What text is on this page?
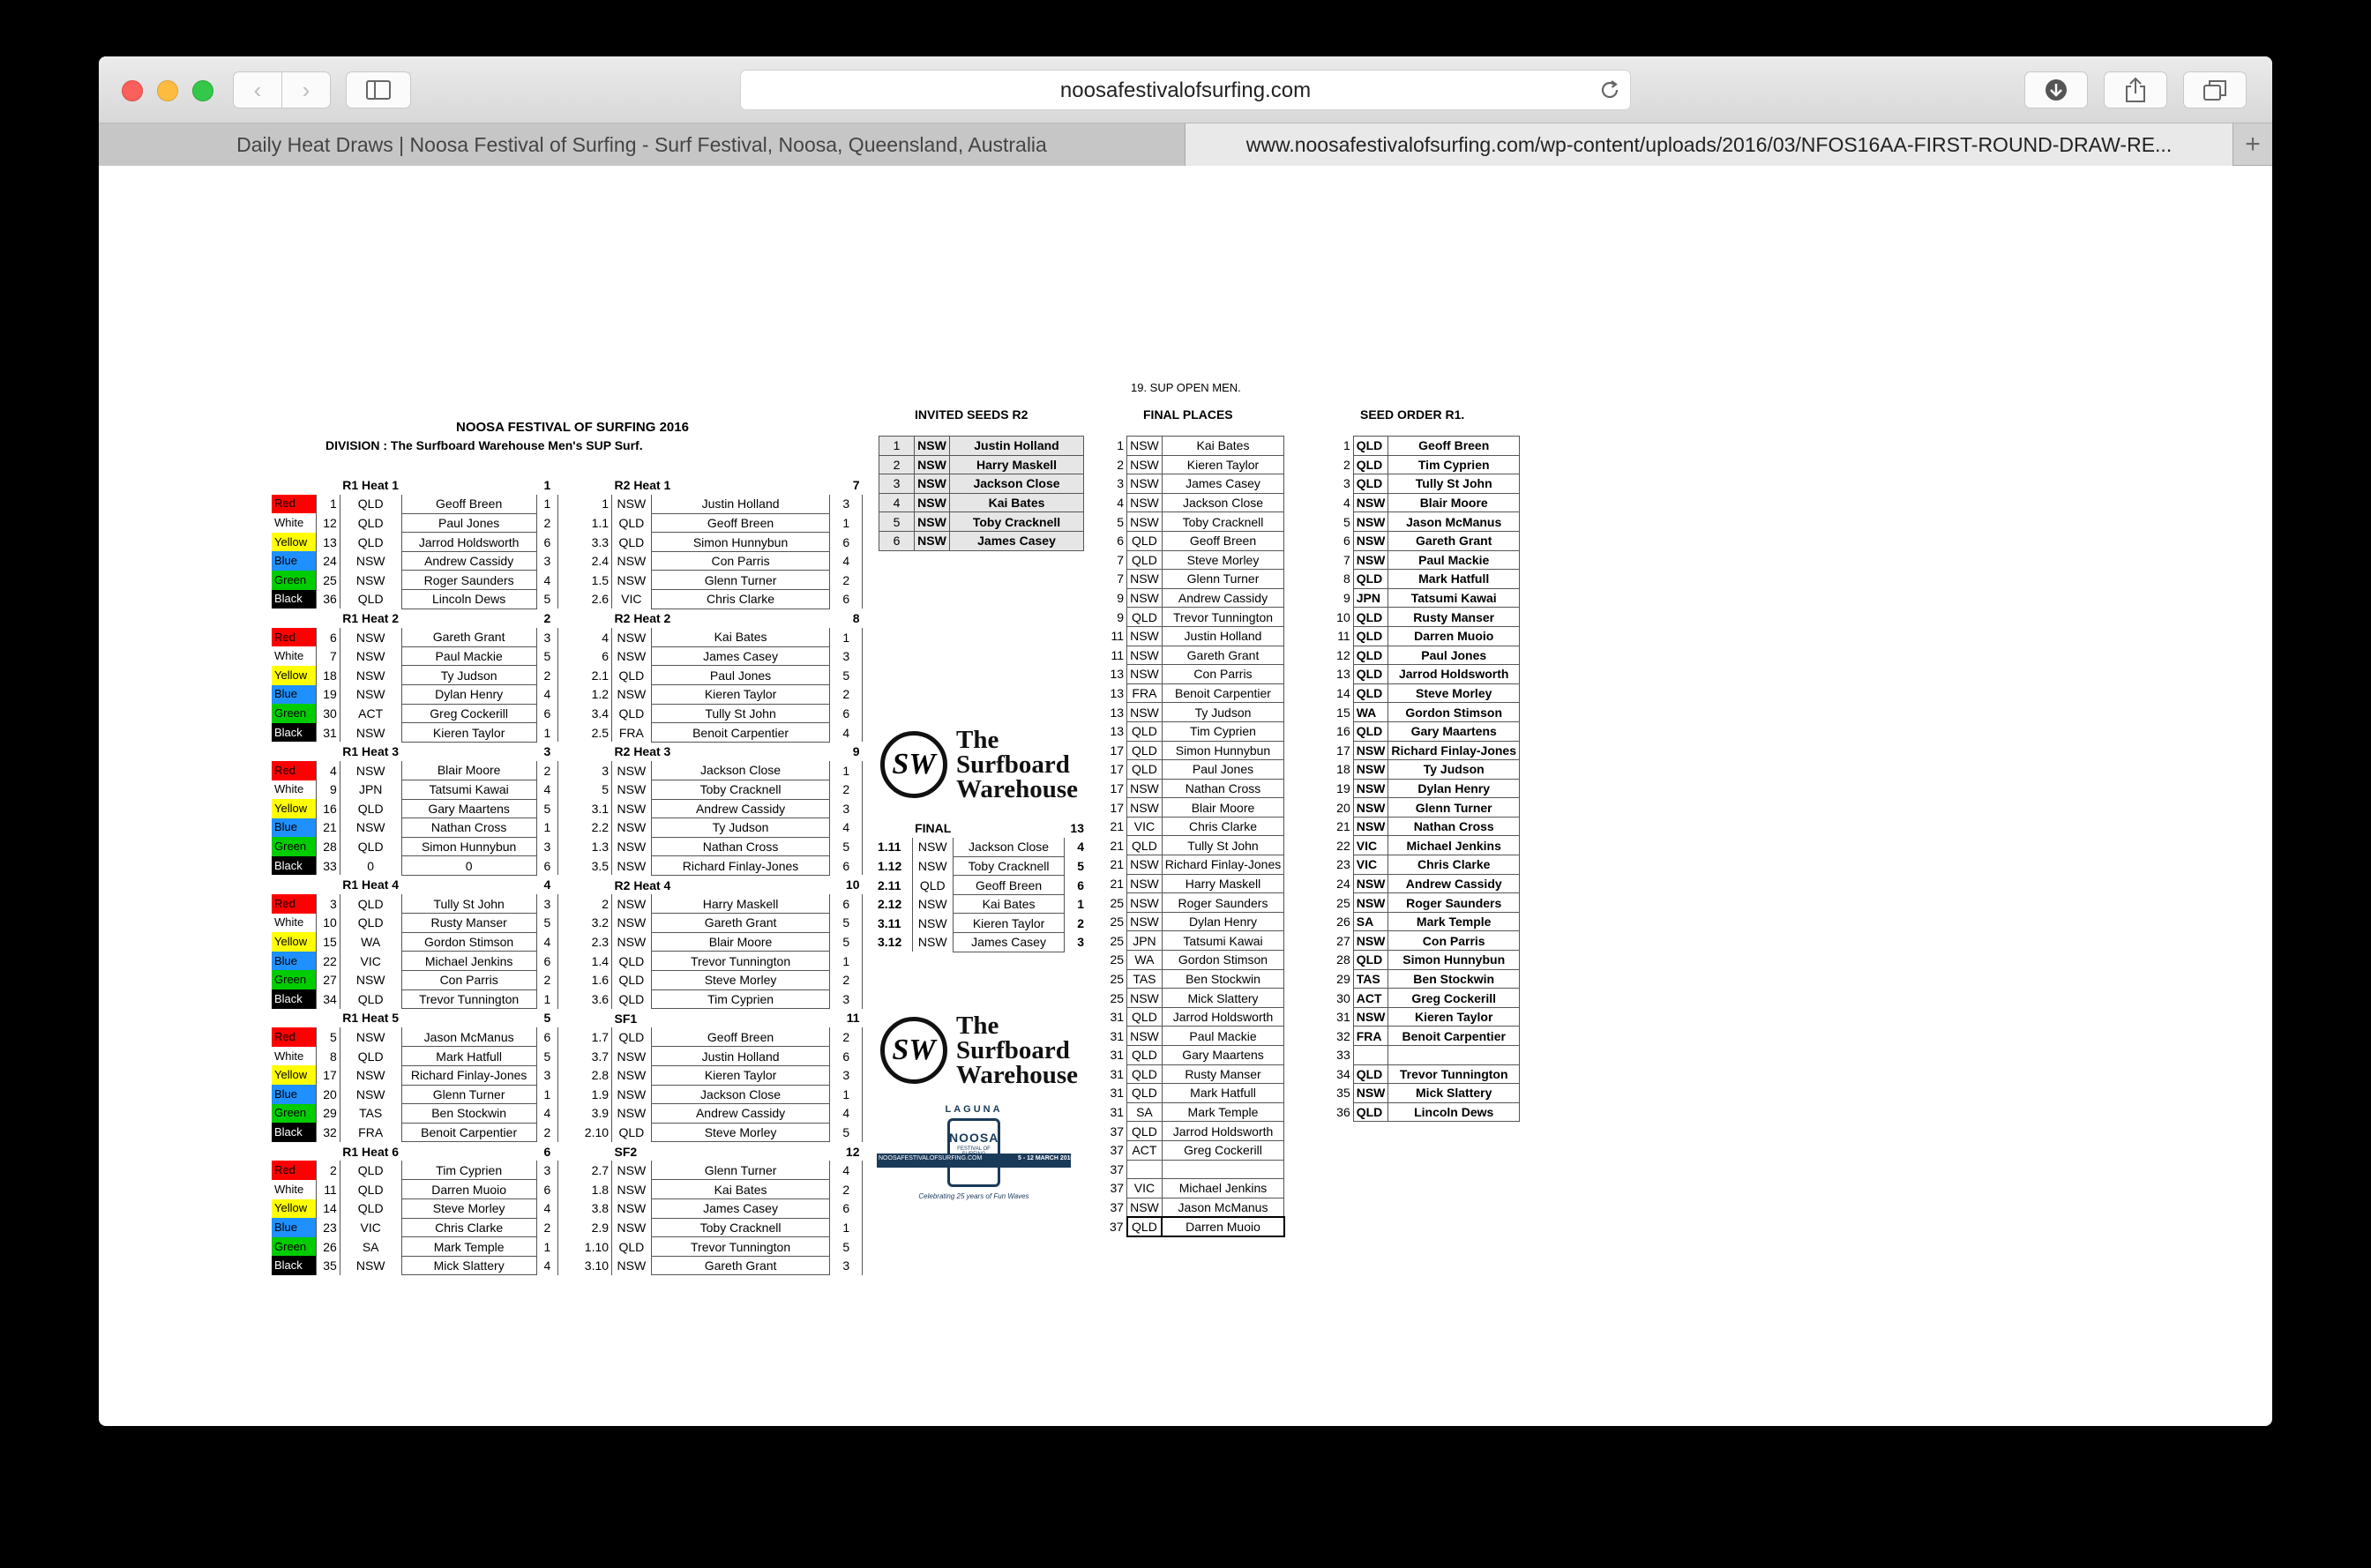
‹ ›	noosafestivalofsurfing.com
Daily Heat Draws | Noosa Festival of Surfing - Surf Festival, Noosa, Queensland, Australia	www.noosafestivalofsurfing.com/wp-content/uploads/2016/03/NFOS16AA-FIRST-ROUND-DRAW-RE...	+
19. SUP OPEN MEN.
NOOSA FESTIVAL OF SURFING 2016
DIVISION : The Surfboard Warehouse Men's SUP Surf.
		R1 Heat 1		1
Red	1	QLD	Geoff Breen	1
White	12	QLD	Paul Jones	2
Yellow	13	QLD	Jarrod Holdsworth	6
Blue	24	NSW	Andrew Cassidy	3
Green	25	NSW	Roger Saunders	4
Black	36	QLD	Lincoln Dews	5
		R1 Heat 2		2
Red	6	NSW	Gareth Grant	3
White	7	NSW	Paul Mackie	5
Yellow	18	NSW	Ty Judson	2
Blue	19	NSW	Dylan Henry	4
Green	30	ACT	Greg Cockerill	6
Black	31	NSW	Kieren Taylor	1
		R1 Heat 3		3
Red	4	NSW	Blair Moore	2
White	9	JPN	Tatsumi Kawai	4
Yellow	16	QLD	Gary Maartens	5
Blue	21	NSW	Nathan Cross	1
Green	28	QLD	Simon Hunnybun	3
Black	33	0	0	6
		R1 Heat 4		4
Red	3	QLD	Tully St John	3
White	10	QLD	Rusty Manser	5
Yellow	15	WA	Gordon Stimson	4
Blue	22	VIC	Michael Jenkins	6
Green	27	NSW	Con Parris	2
Black	34	QLD	Trevor Tunnington	1
		R1 Heat 5		5
Red	5	NSW	Jason McManus	6
White	8	QLD	Mark Hatfull	5
Yellow	17	NSW	Richard Finlay-Jones	3
Blue	20	NSW	Glenn Turner	1
Green	29	TAS	Ben Stockwin	4
Black	32	FRA	Benoit Carpentier	2
		R1 Heat 6		6
Red	2	QLD	Tim Cyprien	3
White	11	QLD	Darren Muoio	6
Yellow	14	QLD	Steve Morley	4
Blue	23	VIC	Chris Clarke	2
Green	26	SA	Mark Temple	1
Black	35	NSW	Mick Slattery	4
	R2 Heat 1		7
1	NSW	Justin Holland	3
1.1	QLD	Geoff Breen	1
3.3	QLD	Simon Hunnybun	6
2.4	NSW	Con Parris	4
1.5	NSW	Glenn Turner	2
2.6	VIC	Chris Clarke	6
	R2 Heat 2		8
4	NSW	Kai Bates	1
6	NSW	James Casey	3
2.1	QLD	Paul Jones	5
1.2	NSW	Kieren Taylor	2
3.4	QLD	Tully St John	6
2.5	FRA	Benoit Carpentier	4
	R2 Heat 3		9
3	NSW	Jackson Close	1
5	NSW	Toby Cracknell	2
3.1	NSW	Andrew Cassidy	3
2.2	NSW	Ty Judson	4
1.3	NSW	Nathan Cross	5
3.5	NSW	Richard Finlay-Jones	6
	R2 Heat 4		10
2	NSW	Harry Maskell	6
3.2	NSW	Gareth Grant	5
2.3	NSW	Blair Moore	5
1.4	QLD	Trevor Tunnington	1
1.6	QLD	Steve Morley	2
3.6	QLD	Tim Cyprien	3
	SF1		11
1.7	QLD	Geoff Breen	2
3.7	NSW	Justin Holland	6
2.8	NSW	Kieren Taylor	3
1.9	NSW	Jackson Close	1
3.9	NSW	Andrew Cassidy	4
2.10	QLD	Steve Morley	5
	SF2		12
2.7	NSW	Glenn Turner	4
1.8	NSW	Kai Bates	2
3.8	NSW	James Casey	6
2.9	NSW	Toby Cracknell	1
1.10	QLD	Trevor Tunnington	5
3.10	NSW	Gareth Grant	3
INVITED SEEDS R2
1	NSW	Justin Holland
2	NSW	Harry Maskell
3	NSW	Jackson Close
4	NSW	Kai Bates
5	NSW	Toby Cracknell
6	NSW	James Casey
SW
The
Surfboard
Warehouse
	FINAL		13
1.11	NSW	Jackson Close	4
1.12	NSW	Toby Cracknell	5
2.11	QLD	Geoff Breen	6
2.12	NSW	Kai Bates	1
3.11	NSW	Kieren Taylor	2
3.12	NSW	James Casey	3
SW
The
Surfboard
Warehouse
LAGUNA
NOOSA
FESTIVAL OF
NOOSAFESTIVALOFSURFING.COM	5 - 12 MARCH 2016
Celebrating 25 years of Fun Waves
FINAL PLACES
1	NSW	Kai Bates
2	NSW	Kieren Taylor
3	NSW	James Casey
4	NSW	Jackson Close
5	NSW	Toby Cracknell
6	QLD	Geoff Breen
7	QLD	Steve Morley
7	NSW	Glenn Turner
9	NSW	Andrew Cassidy
9	QLD	Trevor Tunnington
11	NSW	Justin Holland
11	NSW	Gareth Grant
13	NSW	Con Parris
13	FRA	Benoit Carpentier
13	NSW	Ty Judson
13	QLD	Tim Cyprien
17	QLD	Simon Hunnybun
17	QLD	Paul Jones
17	NSW	Nathan Cross
17	NSW	Blair Moore
21	VIC	Chris Clarke
21	QLD	Tully St John
21	NSW	Richard Finlay-Jones
21	NSW	Harry Maskell
25	NSW	Roger Saunders
25	NSW	Dylan Henry
25	JPN	Tatsumi Kawai
25	WA	Gordon Stimson
25	TAS	Ben Stockwin
25	NSW	Mick Slattery
31	QLD	Jarrod Holdsworth
31	NSW	Paul Mackie
31	QLD	Gary Maartens
31	QLD	Rusty Manser
31	QLD	Mark Hatfull
31	SA	Mark Temple
37	QLD	Jarrod Holdsworth
37	ACT	Greg Cockerill
37		
37	VIC	Michael Jenkins
37	NSW	Jason McManus
37	QLD	Darren Muoio
SEED ORDER R1.
1	QLD	Geoff Breen
2	QLD	Tim Cyprien
3	QLD	Tully St John
4	NSW	Blair Moore
5	NSW	Jason McManus
6	NSW	Gareth Grant
7	NSW	Paul Mackie
8	QLD	Mark Hatfull
9	JPN	Tatsumi Kawai
10	QLD	Rusty Manser
11	QLD	Darren Muoio
12	QLD	Paul Jones
13	QLD	Jarrod Holdsworth
14	QLD	Steve Morley
15	WA	Gordon Stimson
16	QLD	Gary Maartens
17	NSW	Richard Finlay-Jones
18	NSW	Ty Judson
19	NSW	Dylan Henry
20	NSW	Glenn Turner
21	NSW	Nathan Cross
22	VIC	Michael Jenkins
23	VIC	Chris Clarke
24	NSW	Andrew Cassidy
25	NSW	Roger Saunders
26	SA	Mark Temple
27	NSW	Con Parris
28	QLD	Simon Hunnybun
29	TAS	Ben Stockwin
30	ACT	Greg Cockerill
31	NSW	Kieren Taylor
32	FRA	Benoit Carpentier
33		
34	QLD	Trevor Tunnington
35	NSW	Mick Slattery
36	QLD	Lincoln Dews
